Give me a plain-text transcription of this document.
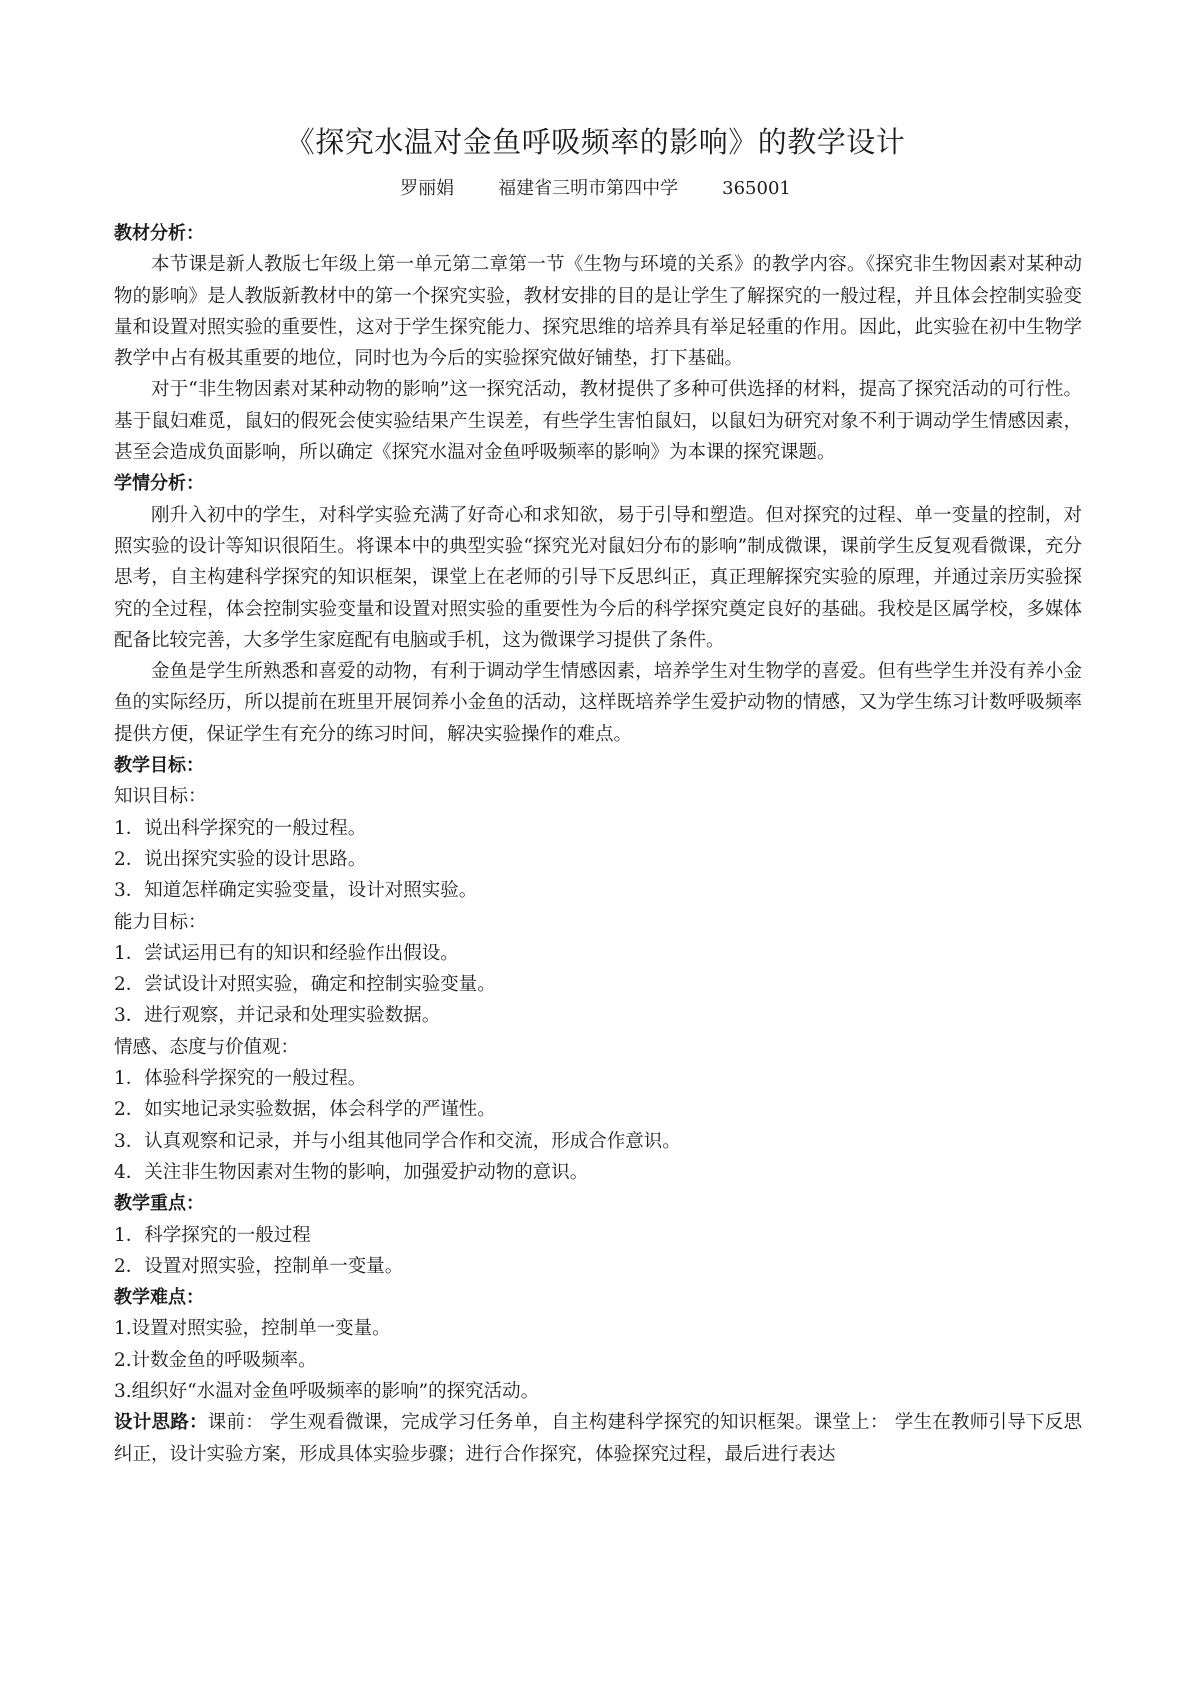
《探究水温对金鱼呼吸频率的影响》的教学设计
罗丽娟 福建省三明市第四中学 365001

教材分析：

本节课是新人教版七年级上第一单元第二章第一节《生物与环境的关系》的教学内容。《探究非生物因素对某种动物的影响》是人教版新教材中的第一个探究实验，教材安排的目的是让学生了解探究的一般过程，并且体会控制实验变量和设置对照实验的重要性，这对于学生探究能力、探究思维的培养具有举足轻重的作用。因此，此实验在初中生物学教学中占有极其重要的地位，同时也为今后的实验探究做好铺垫，打下基础。

对于“非生物因素对某种动物的影响”这一探究活动，教材提供了多种可供选择的材料，提高了探究活动的可行性。基于鼠妇难觅，鼠妇的假死会使实验结果产生误差，有些学生害怕鼠妇，以鼠妇为研究对象不利于调动学生情感因素，甚至会造成负面影响，所以确定《探究水温对金鱼呼吸频率的影响》为本课的探究课题。

学情分析：

刚升入初中的学生，对科学实验充满了好奇心和求知欲，易于引导和塑造。但对探究的过程、单一变量的控制，对照实验的设计等知识很陌生。将课本中的典型实验“探究光对鼠妇分布的影响”制成微课，课前学生反复观看微课，充分思考，自主构建科学探究的知识框架，课堂上在老师的引导下反思纠正，真正理解探究实验的原理，并通过亲历实验探究的全过程，体会控制实验变量和设置对照实验的重要性为今后的科学探究奠定良好的基础。我校是区属学校，多媒体配备比较完善，大多学生家庭配有电脑或手机，这为微课学习提供了条件。

金鱼是学生所熟悉和喜爱的动物，有利于调动学生情感因素，培养学生对生物学的喜爱。但有些学生并没有养小金鱼的实际经历，所以提前在班里开展饲养小金鱼的活动，这样既培养学生爱护动物的情感，又为学生练习计数呼吸频率提供方便，保证学生有充分的练习时间，解决实验操作的难点。

教学目标：

知识目标：

1．说出科学探究的一般过程。

2．说出探究实验的设计思路。

3．知道怎样确定实验变量，设计对照实验。

能力目标：

1．尝试运用已有的知识和经验作出假设。

2．尝试设计对照实验，确定和控制实验变量。

3．进行观察，并记录和处理实验数据。

情感、态度与价值观：

1．体验科学探究的一般过程。

2．如实地记录实验数据，体会科学的严谨性。

3．认真观察和记录，并与小组其他同学合作和交流，形成合作意识。

4．关注非生物因素对生物的影响，加强爱护动物的意识。

教学重点：

1．科学探究的一般过程

2．设置对照实验，控制单一变量。

教学难点：

1.设置对照实验，控制单一变量。

2.计数金鱼的呼吸频率。

3.组织好“水温对金鱼呼吸频率的影响”的探究活动。

设计思路：课前： 学生观看微课，完成学习任务单，自主构建科学探究的知识框架。课堂上： 学生在教师引导下反思纠正，设计实验方案，形成具体实验步骤；进行合作探究，体验探究过程，最后进行表达
